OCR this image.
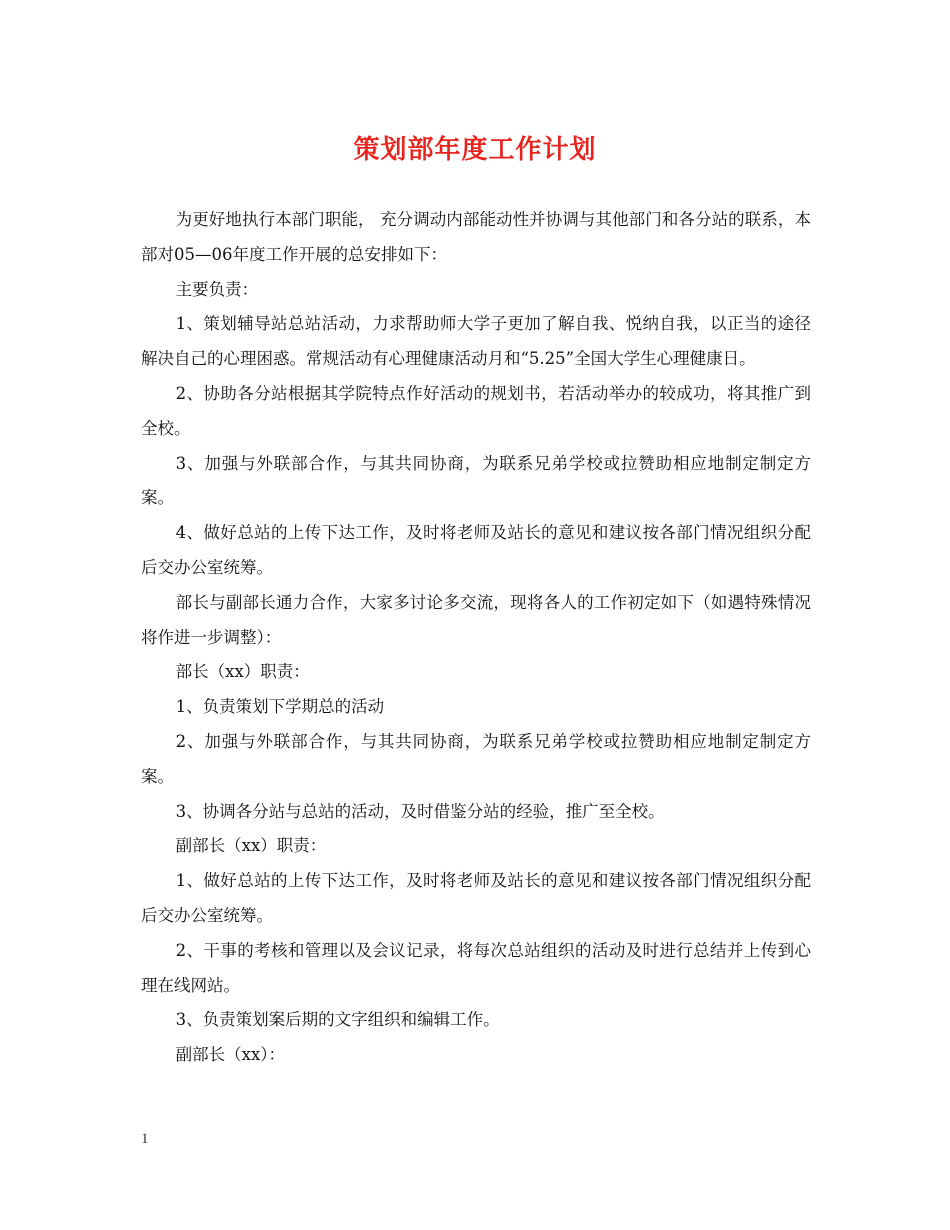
策划部年度工作计划

为更好地执行本部门职能， 充分调动内部能动性并协调与其他部门和各分站的联系，本部对05—06年度工作开展的总安排如下：

主要负责：

1、策划辅导站总站活动，力求帮助师大学子更加了解自我、悦纳自我，以正当的途径解决自己的心理困惑。常规活动有心理健康活动月和“5.25”全国大学生心理健康日。

2、协助各分站根据其学院特点作好活动的规划书，若活动举办的较成功，将其推广到全校。

3、加强与外联部合作，与其共同协商，为联系兄弟学校或拉赞助相应地制定制定方案。

4、做好总站的上传下达工作，及时将老师及站长的意见和建议按各部门情况组织分配后交办公室统筹。

部长与副部长通力合作，大家多讨论多交流，现将各人的工作初定如下（如遇特殊情况将作进一步调整）：

部长（xx）职责：

1、负责策划下学期总的活动

2、加强与外联部合作，与其共同协商，为联系兄弟学校或拉赞助相应地制定制定方案。

3、协调各分站与总站的活动，及时借鉴分站的经验，推广至全校。

副部长（xx）职责：

1、做好总站的上传下达工作，及时将老师及站长的意见和建议按各部门情况组织分配后交办公室统筹。

2、干事的考核和管理以及会议记录，将每次总站组织的活动及时进行总结并上传到心理在线网站。

3、负责策划案后期的文字组织和编辑工作。

副部长（xx）：

1
